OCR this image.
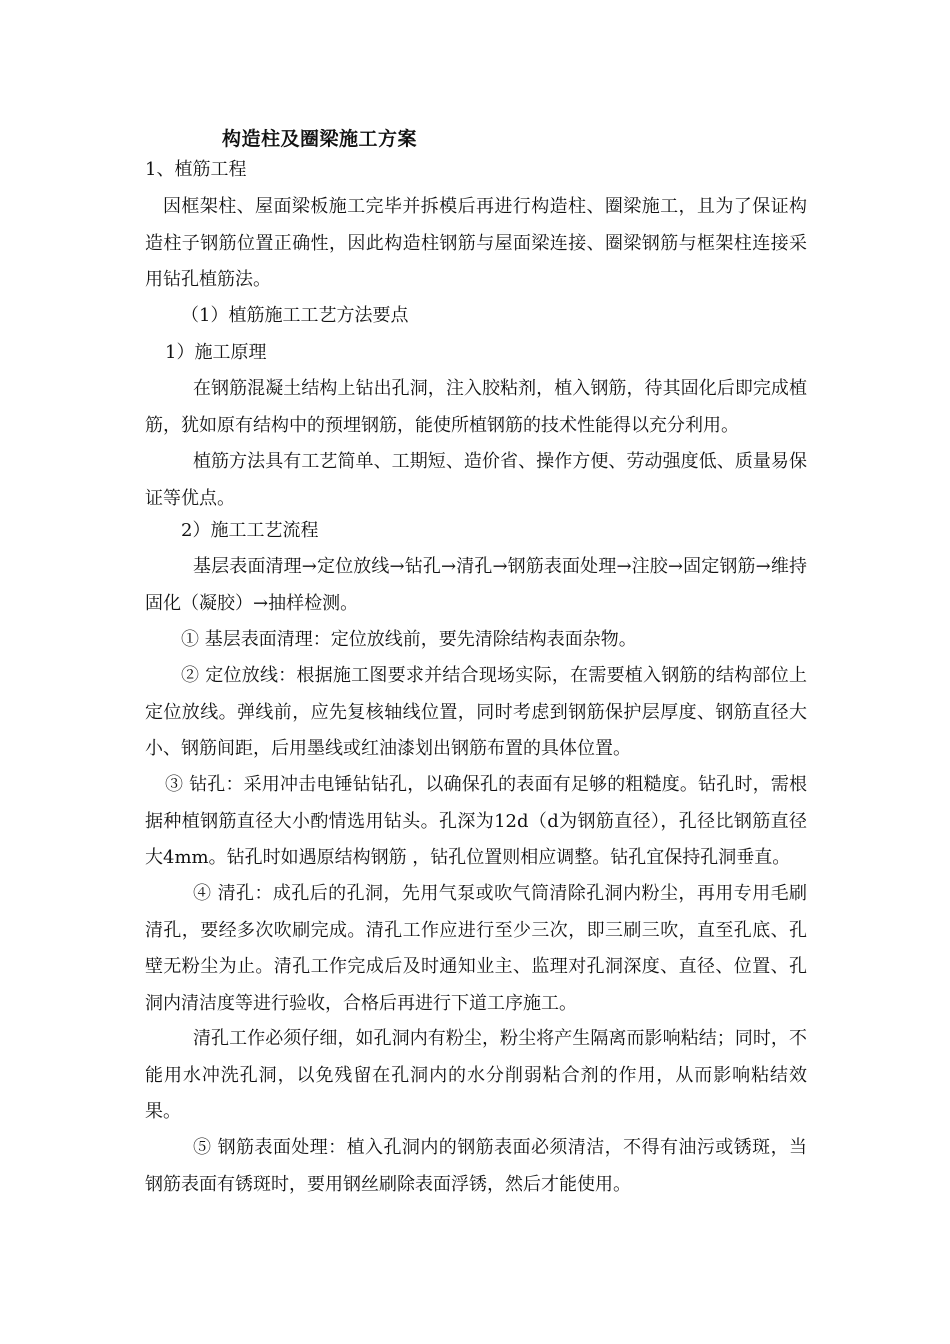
构造柱及圈梁施工方案
1、植筋工程
因框架柱、屋面梁板施工完毕并拆模后再进行构造柱、圈梁施工，且为了保证构造柱子钢筋位置正确性，因此构造柱钢筋与屋面梁连接、圈梁钢筋与框架柱连接采用钻孔植筋法。
（1）植筋施工工艺方法要点
1）施工原理
在钢筋混凝土结构上钻出孔洞，注入胶粘剂，植入钢筋，待其固化后即完成植筋，犹如原有结构中的预埋钢筋，能使所植钢筋的技术性能得以充分利用。
植筋方法具有工艺简单、工期短、造价省、操作方便、劳动强度低、质量易保证等优点。
2）施工工艺流程
基层表面清理→定位放线→钻孔→清孔→钢筋表面处理→注胶→固定钢筋→维持固化（凝胶）→抽样检测。
① 基层表面清理：定位放线前，要先清除结构表面杂物。
② 定位放线：根据施工图要求并结合现场实际，在需要植入钢筋的结构部位上定位放线。弹线前，应先复核轴线位置，同时考虑到钢筋保护层厚度、钢筋直径大小、钢筋间距，后用墨线或红油漆划出钢筋布置的具体位置。
③ 钻孔：采用冲击电锤钻钻孔，以确保孔的表面有足够的粗糙度。钻孔时，需根据种植钢筋直径大小酌情选用钻头。孔深为12d（d为钢筋直径），孔径比钢筋直径大4mm。钻孔时如遇原结构钢筋 ，钻孔位置则相应调整。钻孔宜保持孔洞垂直。
④ 清孔：成孔后的孔洞，先用气泵或吹气筒清除孔洞内粉尘，再用专用毛刷清孔，要经多次吹刷完成。清孔工作应进行至少三次，即三刷三吹，直至孔底、孔壁无粉尘为止。清孔工作完成后及时通知业主、监理对孔洞深度、直径、位置、孔洞内清洁度等进行验收，合格后再进行下道工序施工。
清孔工作必须仔细，如孔洞内有粉尘，粉尘将产生隔离而影响粘结；同时，不能用水冲洗孔洞，以免残留在孔洞内的水分削弱粘合剂的作用，从而影响粘结效果。
⑤ 钢筋表面处理：植入孔洞内的钢筋表面必须清洁，不得有油污或锈斑，当钢筋表面有锈斑时，要用钢丝刷除表面浮锈，然后才能使用。
